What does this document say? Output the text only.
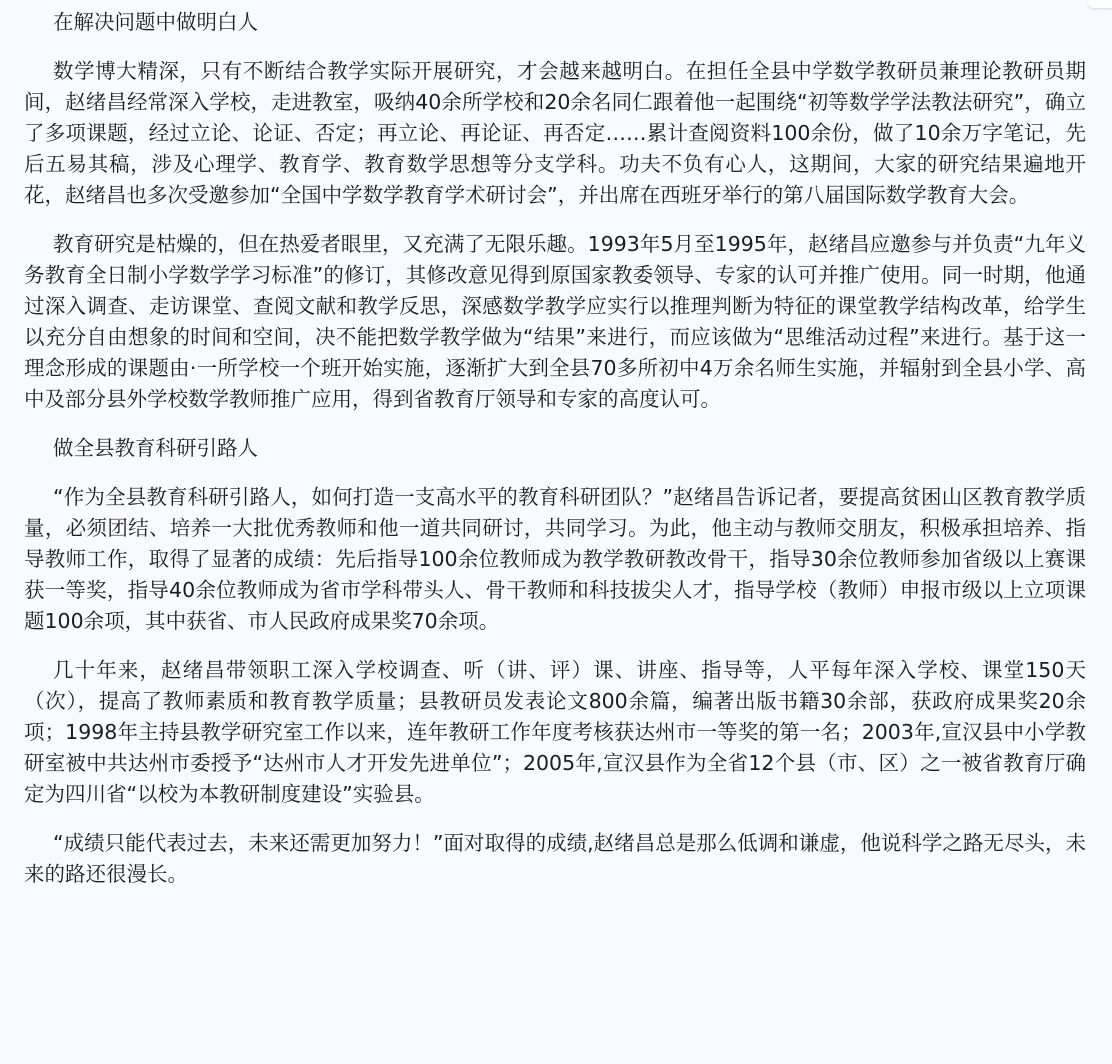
在解决问题中做明白人

数学博大精深，只有不断结合教学实际开展研究，才会越来越明白。在担任全县中学数学教研员兼理论教研员期间，赵绪昌经常深入学校，走进教室，吸纳40余所学校和20余名同仁跟着他一起围绕“初等数学学法教法研究”，确立了多项课题，经过立论、论证、否定；再立论、再论证、再否定……累计查阅资料100余份，做了10余万字笔记，先后五易其稿，涉及心理学、教育学、教育数学思想等分支学科。功夫不负有心人，这期间，大家的研究结果遍地开花，赵绪昌也多次受邀参加“全国中学数学教育学术研讨会”，并出席在西班牙举行的第八届国际数学教育大会。

教育研究是枯燥的，但在热爱者眼里，又充满了无限乐趣。1993年5月至1995年，赵绪昌应邀参与并负责“九年义务教育全日制小学数学学习标准”的修订，其修改意见得到原国家教委领导、专家的认可并推广使用。同一时期，他通过深入调查、走访课堂、查阅文献和教学反思，深感数学教学应实行以推理判断为特征的课堂教学结构改革，给学生以充分自由想象的时间和空间，决不能把数学教学做为“结果”来进行，而应该做为“思维活动过程”来进行。基于这一理念形成的课题由·一所学校一个班开始实施，逐渐扩大到全县70多所初中4万余名师生实施，并辐射到全县小学、高中及部分县外学校数学教师推广应用，得到省教育厅领导和专家的高度认可。

做全县教育科研引路人

“作为全县教育科研引路人，如何打造一支高水平的教育科研团队？”赵绪昌告诉记者，要提高贫困山区教育教学质量，必须团结、培养一大批优秀教师和他一道共同研讨，共同学习。为此，他主动与教师交朋友，积极承担培养、指导教师工作，取得了显著的成绩：先后指导100余位教师成为教学教研教改骨干，指导30余位教师参加省级以上赛课获一等奖，指导40余位教师成为省市学科带头人、骨干教师和科技拔尖人才，指导学校（教师）申报市级以上立项课题100余项，其中获省、市人民政府成果奖70余项。

几十年来，赵绪昌带领职工深入学校调查、听（讲、评）课、讲座、指导等，人平每年深入学校、课堂150天（次），提高了教师素质和教育教学质量；县教研员发表论文800余篇，编著出版书籍30余部，获政府成果奖20余项；1998年主持县教学研究室工作以来，连年教研工作年度考核获达州市一等奖的第一名；2003年,宣汉县中小学教研室被中共达州市委授予“达州市人才开发先进单位”；2005年,宣汉县作为全省12个县（市、区）之一被省教育厅确定为四川省“以校为本教研制度建设”实验县。

“成绩只能代表过去，未来还需更加努力！”面对取得的成绩,赵绪昌总是那么低调和谦虚，他说科学之路无尽头，未来的路还很漫长。
